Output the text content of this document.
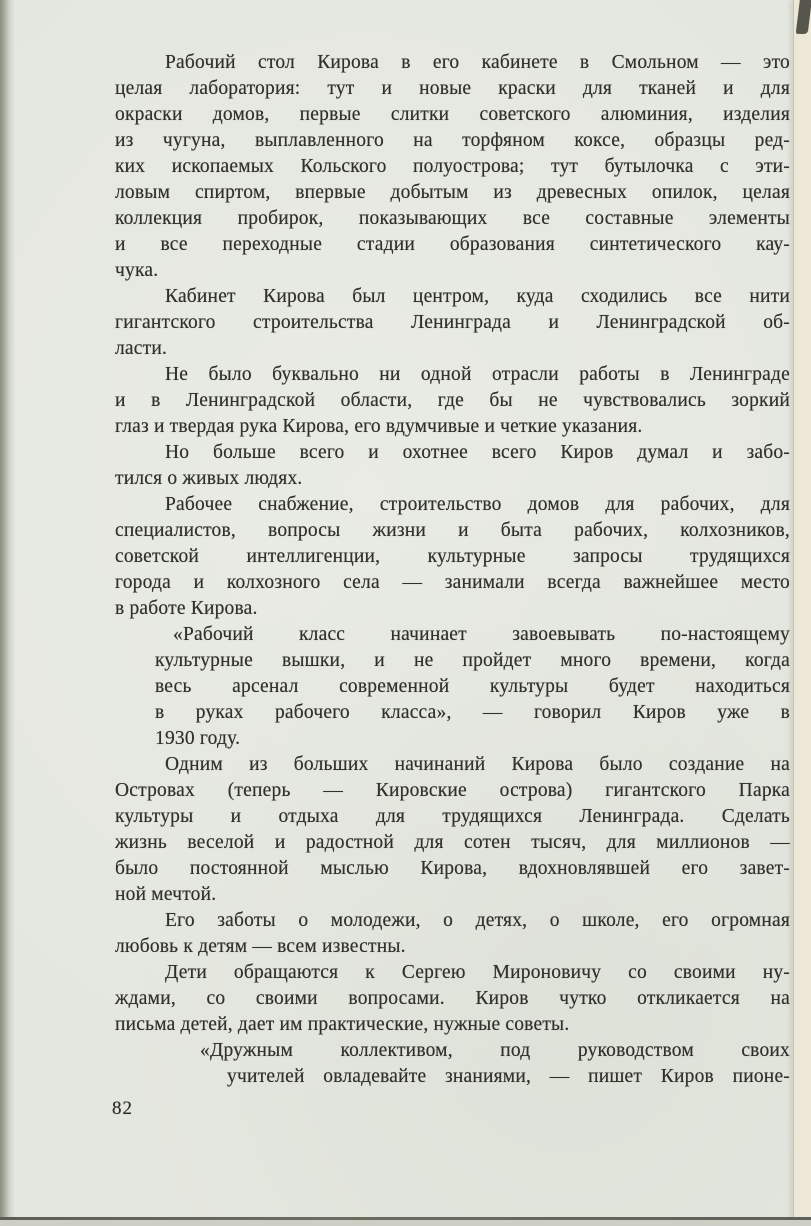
Рабочий стол Кирова в его кабинете в Смольном — это
целая лаборатория: тут и новые краски для тканей и для
окраски домов, первые слитки советского алюминия, изделия
из чугуна, выплавленного на торфяном коксе, образцы ред-
ких ископаемых Кольского полуострова; тут бутылочка с эти-
ловым спиртом, впервые добытым из древесных опилок, целая
коллекция пробирок, показывающих все составные элементы
и все переходные стадии образования синтетического кау-
чука.
Кабинет Кирова был центром, куда сходились все нити
гигантского строительства Ленинграда и Ленинградской об-
ласти.
Не было буквально ни одной отрасли работы в Ленинграде
и в Ленинградской области, где бы не чувствовались зоркий
глаз и твердая рука Кирова, его вдумчивые и четкие указания.
Но больше всего и охотнее всего Киров думал и забо-
тился о живых людях.
Рабочее снабжение, строительство домов для рабочих, для
специалистов, вопросы жизни и быта рабочих, колхозников,
советской интеллигенции, культурные запросы трудящихся
города и колхозного села — занимали всегда важнейшее место
в работе Кирова.
«Рабочий класс начинает завоевывать по-настоящему
культурные вышки, и не пройдет много времени, когда
весь арсенал современной культуры будет находиться
в руках рабочего класса», — говорил Киров уже в
1930 году.
Одним из больших начинаний Кирова было создание на
Островах (теперь — Кировские острова) гигантского Парка
культуры и отдыха для трудящихся Ленинграда. Сделать
жизнь веселой и радостной для сотен тысяч, для миллионов —
было постоянной мыслью Кирова, вдохновлявшей его завет-
ной мечтой.
Его заботы о молодежи, о детях, о школе, его огромная
любовь к детям — всем известны.
Дети обращаются к Сергею Мироновичу со своими ну-
ждами, со своими вопросами. Киров чутко откликается на
письма детей, дает им практические, нужные советы.
«Дружным коллективом, под руководством своих
учителей овладевайте знаниями, — пишет Киров пионе-
82
